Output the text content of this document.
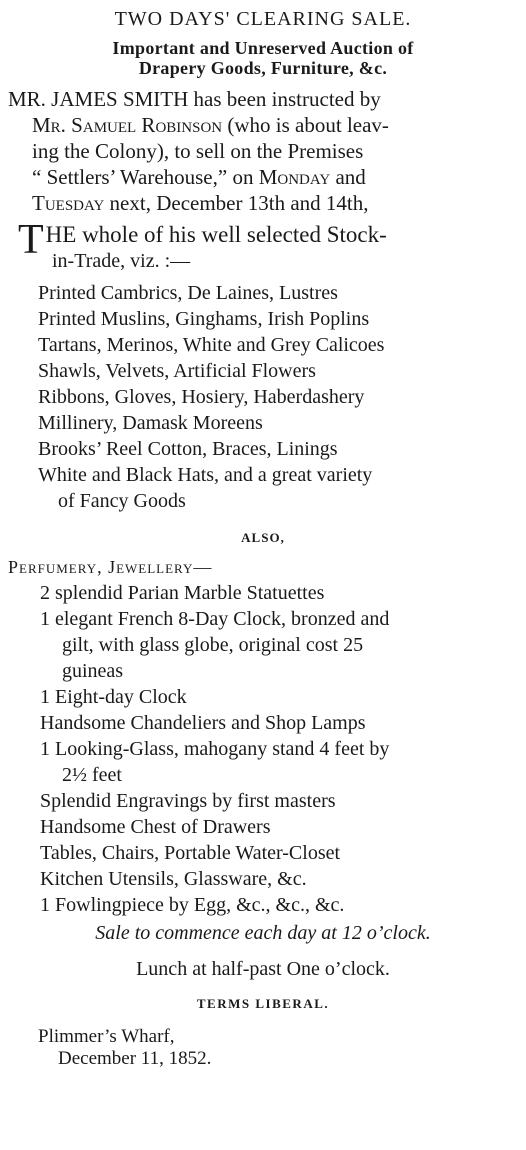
TWO DAYS' CLEARING SALE.
Important and Unreserved Auction of
Drapery Goods, Furniture, &c.
MR. JAMES SMITH has been instructed by
Mr. Samuel Robinson (who is about leav-
ing the Colony), to sell on the Premises
“ Settlers’ Warehouse,” on Monday and
Tuesday next, December 13th and 14th,
T HE whole of his well selected Stock-
in-Trade, viz. :—
Printed Cambrics, De Laines, Lustres
Printed Muslins, Ginghams, Irish Poplins
Tartans, Merinos, White and Grey Calicoes
Shawls, Velvets, Artificial Flowers
Ribbons, Gloves, Hosiery, Haberdashery
Millinery, Damask Moreens
Brooks’ Reel Cotton, Braces, Linings
White and Black Hats, and a great variety
of Fancy Goods
ALSO,
Perfumery, Jewellery—
2 splendid Parian Marble Statuettes
1 elegant French 8-Day Clock, bronzed and
gilt, with glass globe, original cost 25
guineas
1 Eight-day Clock
Handsome Chandeliers and Shop Lamps
1 Looking-Glass, mahogany stand 4 feet by
2½ feet
Splendid Engravings by first masters
Handsome Chest of Drawers
Tables, Chairs, Portable Water-Closet
Kitchen Utensils, Glassware, &c.
1 Fowlingpiece by Egg, &c., &c., &c.
Sale to commence each day at 12 o’clock.
Lunch at half-past One o’clock.
TERMS LIBERAL.
Plimmer’s Wharf,
December 11, 1852.
